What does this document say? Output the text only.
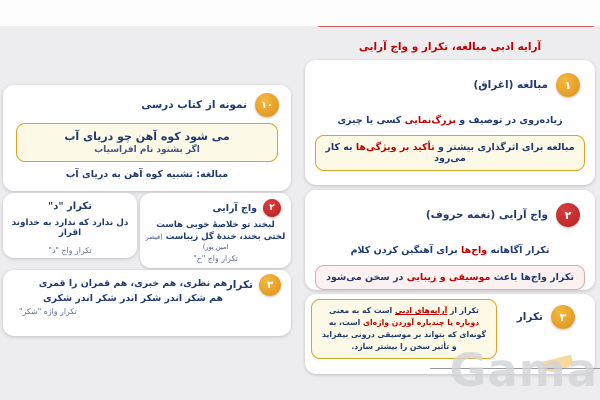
آرایه ادبی مبالغه، تکرار و واج آرایی
۱
مبالغه (اغراق)
زیاده‌روی در توصیف و بزرگ‌نمایی کسی یا چیزی
مبالغه برای اثرگذاری بیشتر و تأکید بر ویژگی‌ها به کار می‌رود
۲
واج آرایی (نغمه حروف)
تکرار آگاهانه واج‌ها برای آهنگین کردن کلام
تکرار واج‌ها باعث موسیقی و زیبایی در سخن می‌شود
۳
تکرار
تکرار از آرایه‌های ادبی است که به معنی دوباره یا چندباره آوردن واژه‌ای است، به گونه‌ای که بتواند بر موسیقی درونی بیفزاید و تأثیر سخن را بیشتر سازد.
۱۰
نمونه از کتاب درسی
می شود کوه آهن چو دریای آب
اگر بشنود نام افراسیاب
مبالغه: تشبیه کوه آهن به دریای آب
تکرار "د"
دل ندارد که ندارد به خداوند اقرار
تکرار واج "د"
۲
واج آرایی
لبخند تو خلاصهٔ خوبی هاست
لختی بخند، خندهٔ گل زیباست (قیصر امین پور)
تکرار واج "خ"
۳
تکرار
هم نظری، هم خبری، هم قمران را قمری
هم شکر اندر شکر اندر شکر اندر شکری
تکرار واژه "شکر"
Gama
